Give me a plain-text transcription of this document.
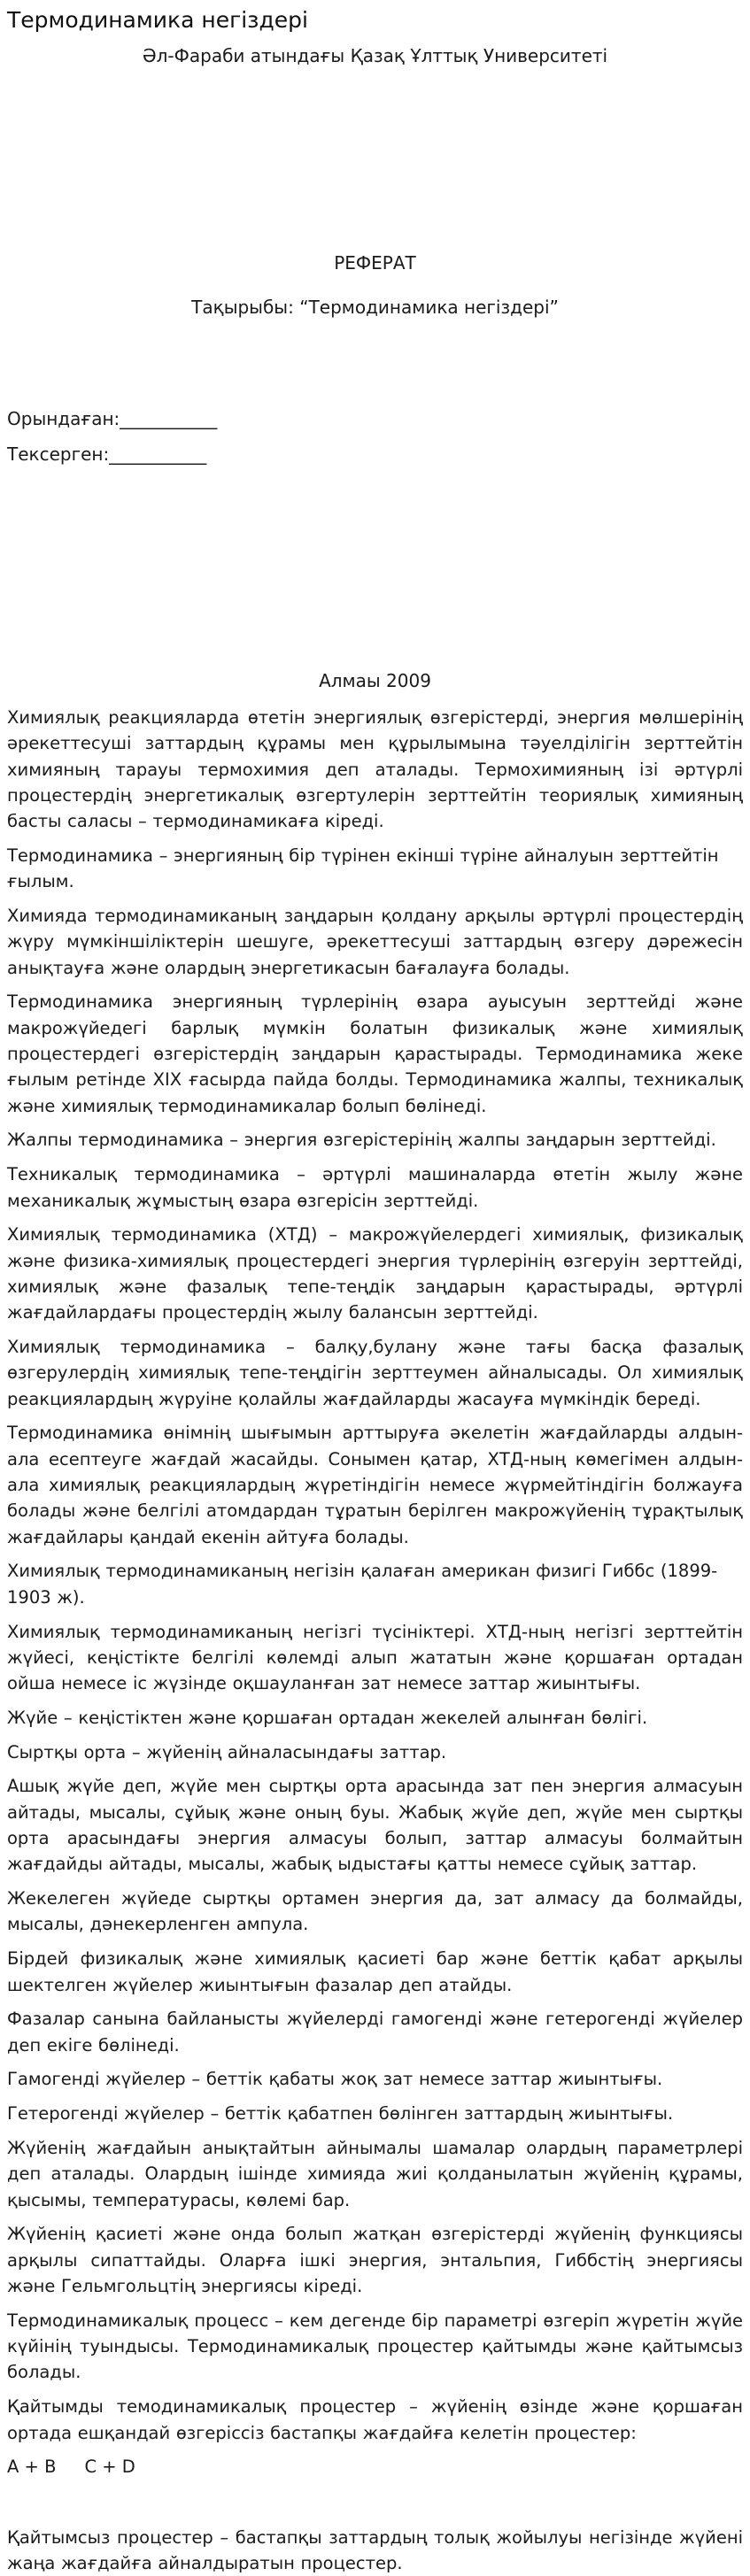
Термодинамика негіздері
Әл-Фараби атындағы Қазақ Ұлттық Университеті
РЕФЕРАТ
Тақырыбы: “Термодинамика негіздері”
Орындаған:___________
Тексерген:___________
Алмаы 2009

Химиялық реакцияларда өтетін энергиялық өзгерістерді, энергия мөлшерінің әрекеттесуші заттардың құрамы мен құрылымына тәуелділігін зерттейтін химияның тарауы термохимия деп аталады. Термохимияның ізі әртүрлі процестердің энергетикалық өзгертулерін зерттейтін теориялық химияның басты саласы – термодинамикаға кіреді.

Термодинамика – энергияның бір түрінен екінші түріне айналуын зерттейтін ғылым.

Химияда термодинамиканың заңдарын қолдану арқылы әртүрлі процестердің жүру мүмкіншіліктерін шешуге, әрекеттесуші заттардың өзгеру дәрежесін анықтауға және олардың энергетикасын бағалауға болады.

Термодинамика энергияның түрлерінің өзара ауысуын зерттейді және макрожүйедегі барлық мүмкін болатын физикалық және химиялық процестердегі өзгерістердің заңдарын қарастырады. Термодинамика жеке ғылым ретінде ХІХ ғасырда пайда болды. Термодинамика жалпы, техникалық және химиялық термодинамикалар болып бөлінеді.

Жалпы термодинамика – энергия өзгерістерінің жалпы заңдарын зерттейді.

Техникалық термодинамика – әртүрлі машиналарда өтетін жылу және механикалық жұмыстың өзара өзгерісін зерттейді.

Химиялық термодинамика (ХТД) – макрожүйелердегі химиялық, физикалық және физика-химиялық процестердегі энергия түрлерінің өзгеруін зерттейді, химиялық және фазалық тепе-теңдік заңдарын қарастырады, әртүрлі жағдайлардағы процестердің жылу балансын зерттейді.

Химиялық термодинамика – балқу,булану және тағы басқа фазалық өзгерулердің химиялық тепе-теңдігін зерттеумен айналысады. Ол химиялық реакциялардың жүруіне қолайлы жағдайларды жасауға мүмкіндік береді.

Термодинамика өнімнің шығымын арттыруға әкелетін жағдайларды алдын-ала есептеуге жағдай жасайды. Сонымен қатар, ХТД-ның көмегімен алдын-ала химиялық реакциялардың жүретіндігін немесе жүрмейтіндігін болжауға болады және белгілі атомдардан тұратын берілген макрожүйенің тұрақтылық жағдайлары қандай екенін айтуға болады.

Химиялық термодинамиканың негізін қалаған американ физигі Гиббс (1899-1903 ж).

Химиялық термодинамиканың негізгі түсініктері. ХТД-ның негізгі зерттейтін жүйесі, кеңістікте белгілі көлемді алып жататын және қоршаған ортадан ойша немесе іс жүзінде оқшауланған зат немесе заттар жиынтығы.

Жүйе – кеңістіктен және қоршаған ортадан жекелей алынған бөлігі.

Сыртқы орта – жүйенің айналасындағы заттар.

Ашық жүйе деп, жүйе мен сыртқы орта арасында зат пен энергия алмасуын айтады, мысалы, сұйық және оның буы. Жабық жүйе деп, жүйе мен сыртқы орта арасындағы энергия алмасуы болып, заттар алмасуы болмайтын жағдайды айтады, мысалы, жабық ыдыстағы қатты немесе сұйық заттар.

Жекелеген жүйеде сыртқы ортамен энергия да, зат алмасу да болмайды, мысалы, дәнекерленген ампула.

Бірдей физикалық және химиялық қасиеті бар және беттік қабат арқылы шектелген жүйелер жиынтығын фазалар деп атайды.

Фазалар санына байланысты жүйелерді гамогенді және гетерогенді жүйелер деп екіге бөлінеді.

Гамогенді жүйелер – беттік қабаты жоқ зат немесе заттар жиынтығы.

Гетерогенді жүйелер – беттік қабатпен бөлінген заттардың жиынтығы.

Жүйенің жағдайын анықтайтын айнымалы шамалар олардың параметрлері деп аталады. Олардың ішінде химияда жиі қолданылатын жүйенің құрамы, қысымы, температурасы, көлемі бар.

Жүйенің қасиеті және онда болып жатқан өзгерістерді жүйенің функциясы арқылы сипаттайды. Оларға ішкі энергия, энтальпия, Гиббстің энергиясы және Гельмгольцтің энергиясы кіреді.

Термодинамикалық процесс – кем дегенде бір параметрі өзгеріп жүретін жүйе күйінің туындысы. Термодинамикалық процестер қайтымды және қайтымсыз болады.

Қайтымды темодинамикалық процестер – жүйенің өзінде және қоршаған ортада ешқандай өзгеріссіз бастапқы жағдайға келетін процестер:

A + B C + D

Қайтымсыз процестер – бастапқы заттардың толық жойылуы негізінде жүйені жаңа жағдайға айналдыратын процестер.
